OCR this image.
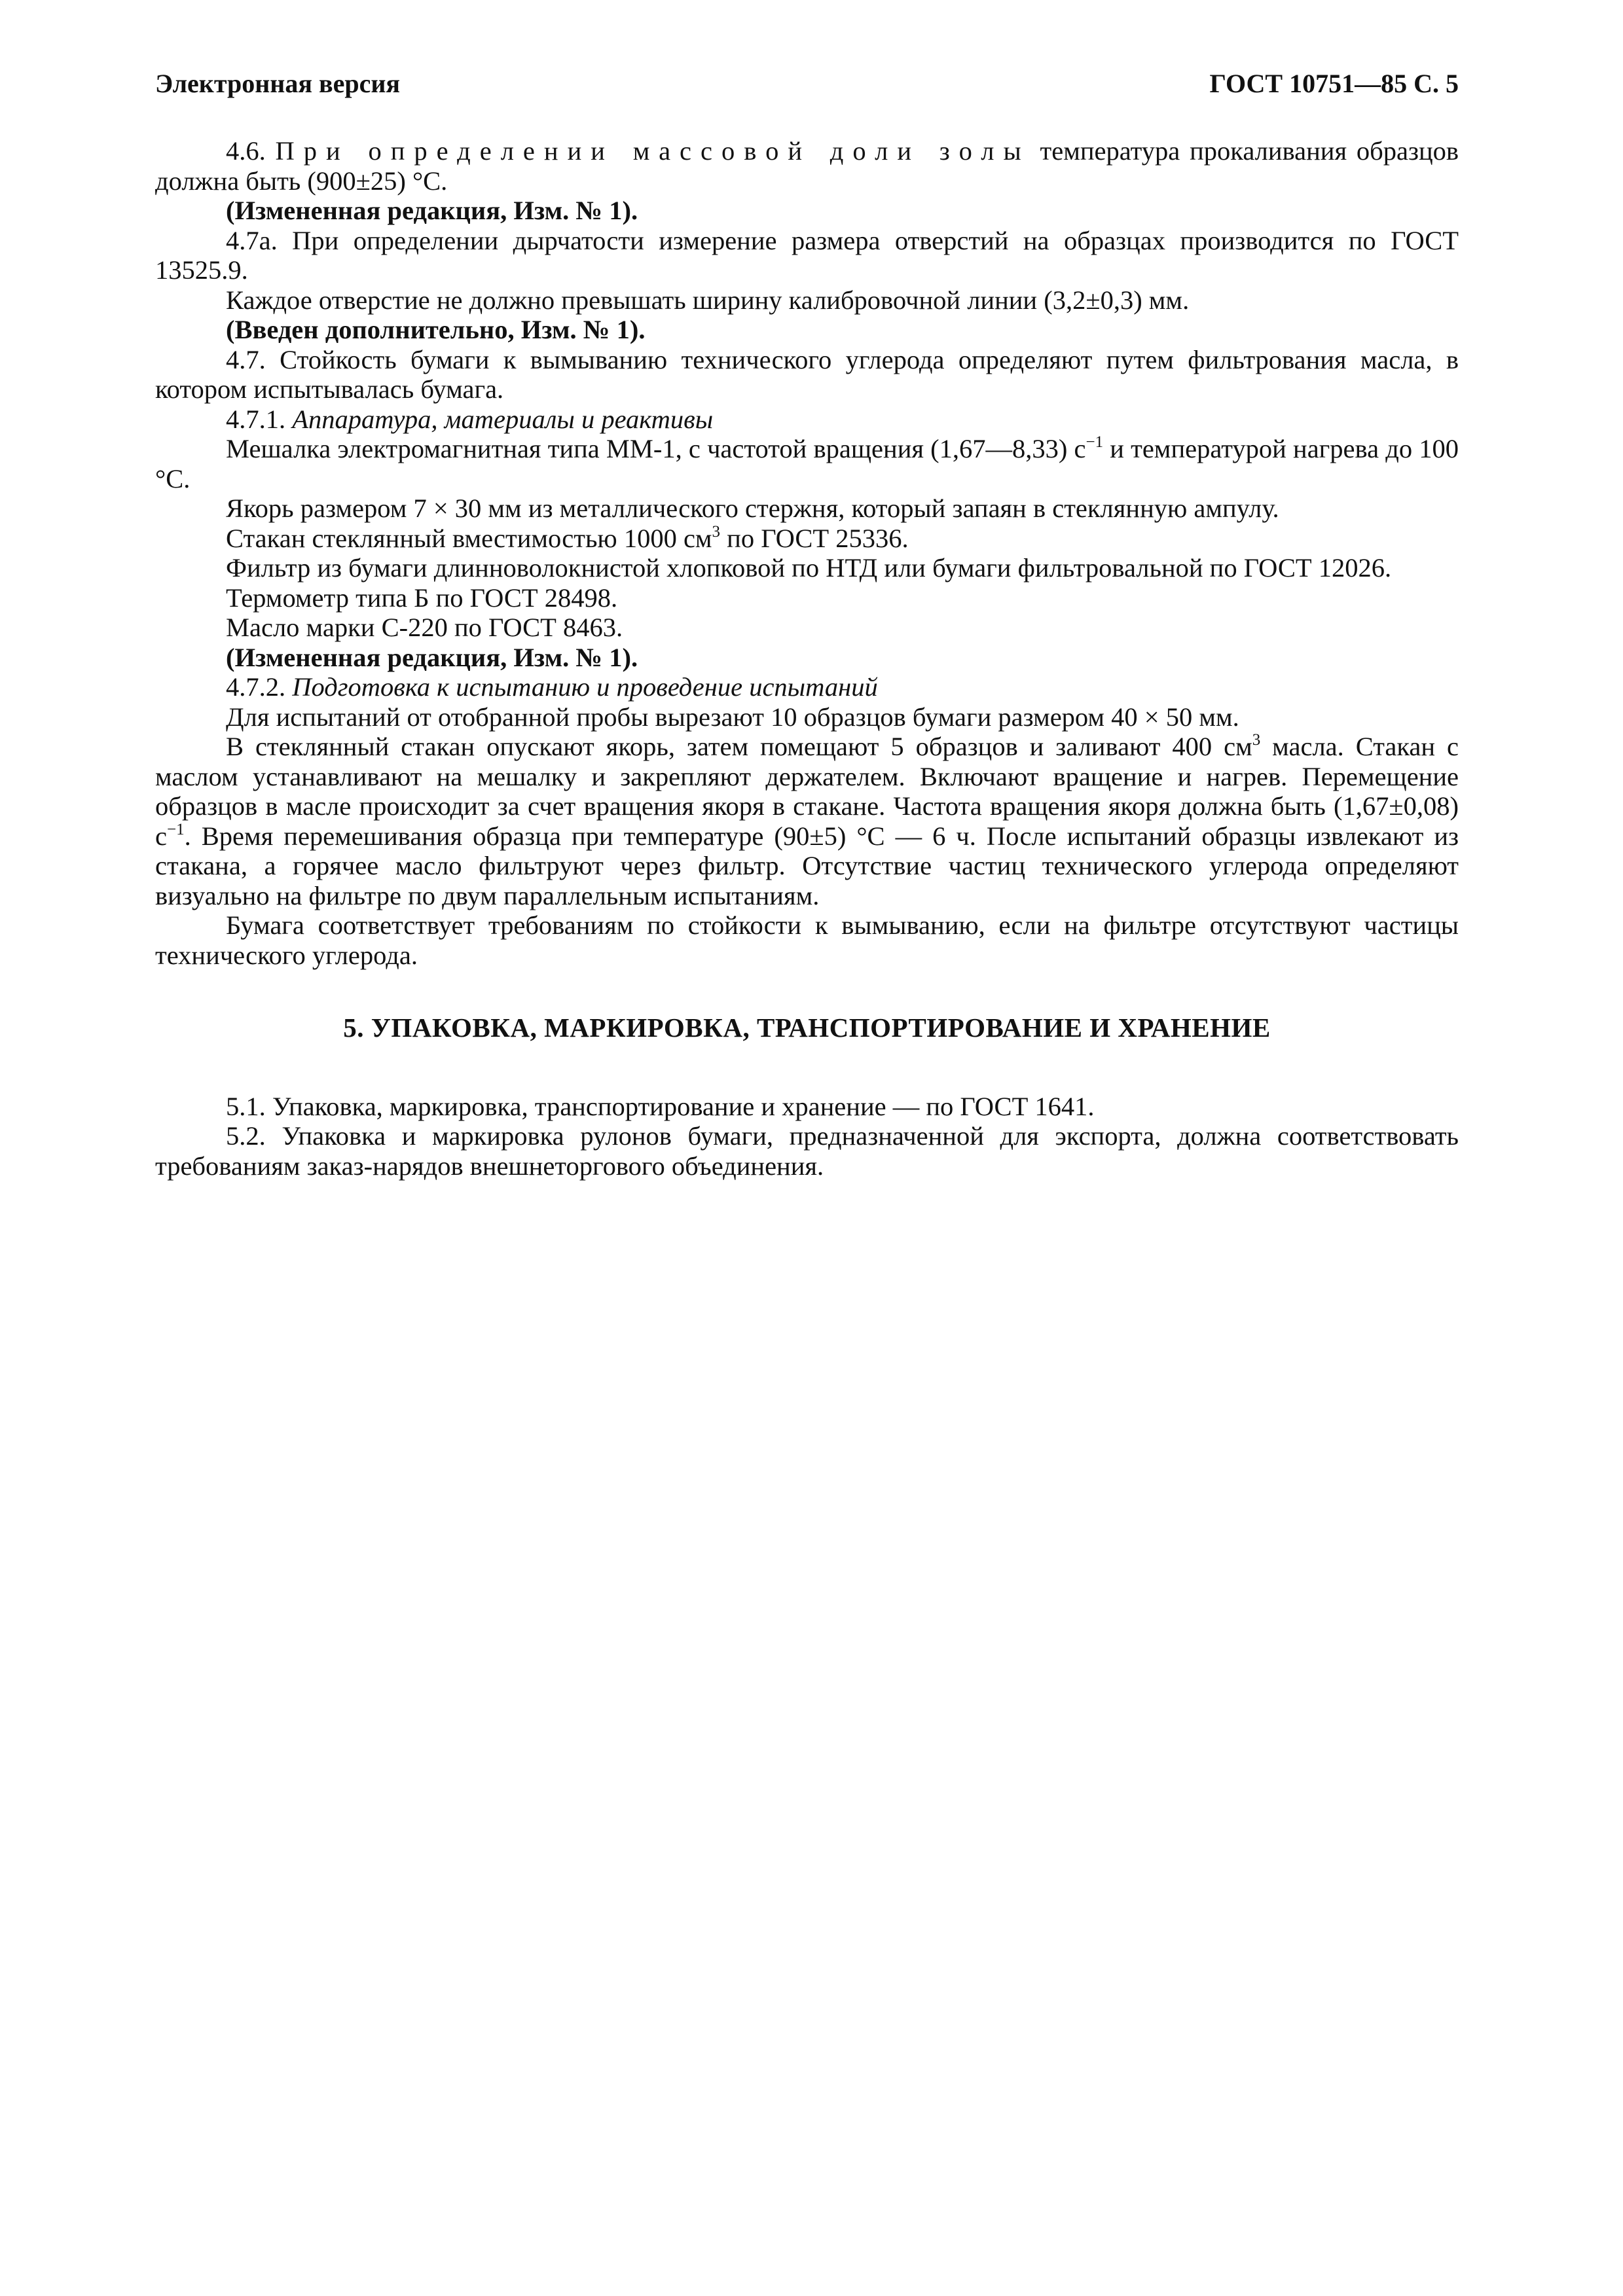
Электронная версия	ГОСТ 10751—85 С. 5

4.6. При определении массовой доли золы температура прокаливания образцов должна быть (900±25) °С.

(Измененная редакция, Изм. № 1).

4.7а. При определении дырчатости измерение размера отверстий на образцах производится по ГОСТ 13525.9.

Каждое отверстие не должно превышать ширину калибровочной линии (3,2±0,3) мм.

(Введен дополнительно, Изм. № 1).

4.7. Стойкость бумаги к вымыванию технического углерода определяют путем фильтрования масла, в котором испытывалась бумага.

4.7.1. Аппаратура, материалы и реактивы

Мешалка электромагнитная типа ММ-1, с частотой вращения (1,67—8,33) $с^{-1}$ и температурой нагрева до 100 °С.

Якорь размером 7 × 30 мм из металлического стержня, который запаян в стеклянную ампулу.

Стакан стеклянный вместимостью 1000 $см^3$ по ГОСТ 25336.

Фильтр из бумаги длинноволокнистой хлопковой по НТД или бумаги фильтровальной по ГОСТ 12026.

Термометр типа Б по ГОСТ 28498.

Масло марки С-220 по ГОСТ 8463.

(Измененная редакция, Изм. № 1).

4.7.2. Подготовка к испытанию и проведение испытаний

Для испытаний от отобранной пробы вырезают 10 образцов бумаги размером 40 × 50 мм.

В стеклянный стакан опускают якорь, затем помещают 5 образцов и заливают 400 $см^3$ масла. Стакан с маслом устанавливают на мешалку и закрепляют держателем. Включают вращение и нагрев. Перемещение образцов в масле происходит за счет вращения якоря в стакане. Частота вращения якоря должна быть (1,67±0,08) $с^{-1}$. Время перемешивания образца при температуре (90±5) °С — 6 ч. После испытаний образцы извлекают из стакана, а горячее масло фильтруют через фильтр. Отсутствие частиц технического углерода определяют визуально на фильтре по двум параллельным испытаниям.

Бумага соответствует требованиям по стойкости к вымыванию, если на фильтре отсутствуют частицы технического углерода.

5. УПАКОВКА, МАРКИРОВКА, ТРАНСПОРТИРОВАНИЕ И ХРАНЕНИЕ

5.1. Упаковка, маркировка, транспортирование и хранение — по ГОСТ 1641.

5.2. Упаковка и маркировка рулонов бумаги, предназначенной для экспорта, должна соответствовать требованиям заказ-нарядов внешнеторгового объединения.
